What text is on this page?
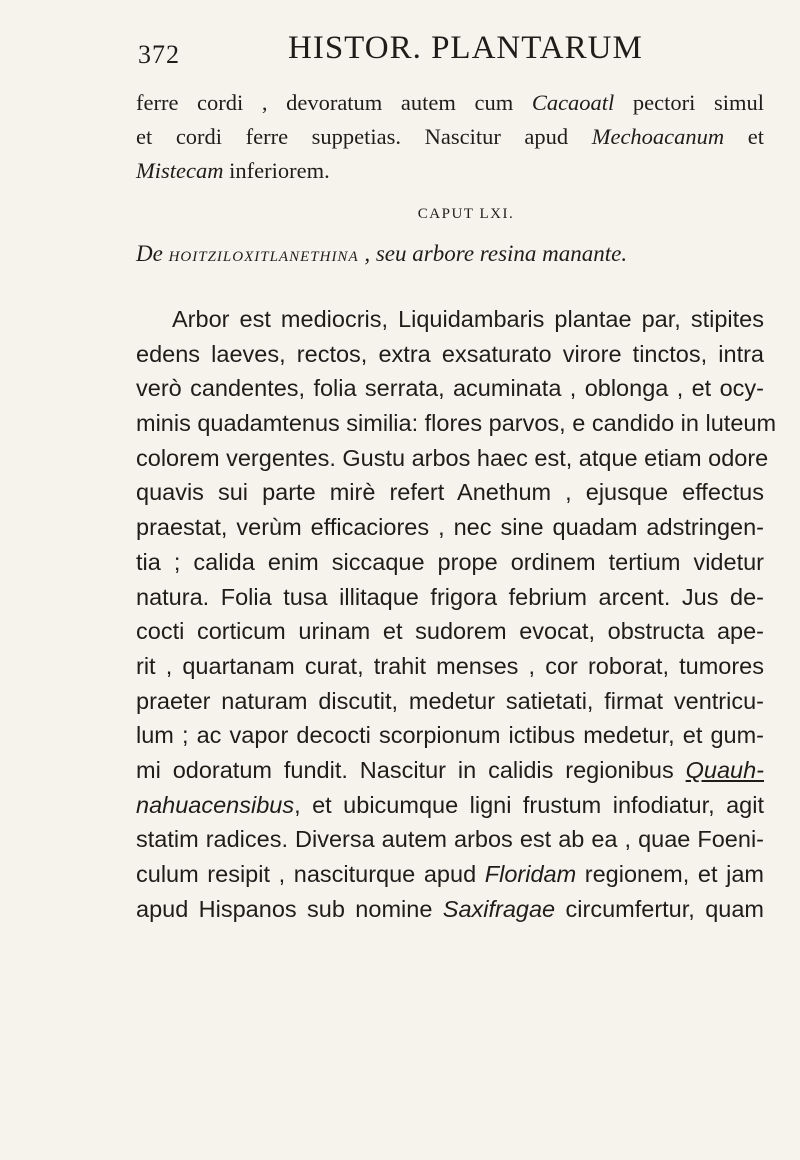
372	HISTOR. PLANTARUM
ferre cordi , devoratum autem cum Cacaoatl pectori simul
et cordi ferre suppetias. Nascitur apud Mechoacanum et
Mistecam inferiorem.
CAPUT LXI.
De HOITZILOXITLANETHINA , seu arbore resina manante.
Arbor est mediocris, Liquidambaris plantae par, stipites
edens laeves, rectos, extra exsaturato virore tinctos, intra
verò candentes, folia serrata, acuminata , oblonga , et ocy-
minis quadamtenus similia: flores parvos, e candido in luteum
colorem vergentes. Gustu arbos haec est, atque etiam odore
quavis sui parte mirè refert Anethum , ejusque effectus
praestat, verùm efficaciores , nec sine quadam adstringen-
tia ; calida enim siccaque prope ordinem tertium videtur
natura. Folia tusa illitaque frigora febrium arcent. Jus de-
cocti corticum urinam et sudorem evocat, obstructa ape-
rit , quartanam curat, trahit menses , cor roborat, tumores
praeter naturam discutit, medetur satietati, firmat ventricu-
lum ; ac vapor decocti scorpionum ictibus medetur, et gum-
mi odoratum fundit. Nascitur in calidis regionibus Quauh-
nahuacensibus, et ubicumque ligni frustum infodiatur, agit
statim radices. Diversa autem arbos est ab ea , quae Foeni-
culum resipit , nasciturque apud Floridam regionem, et jam
apud Hispanos sub nomine Saxifragae circumfertur, quam
